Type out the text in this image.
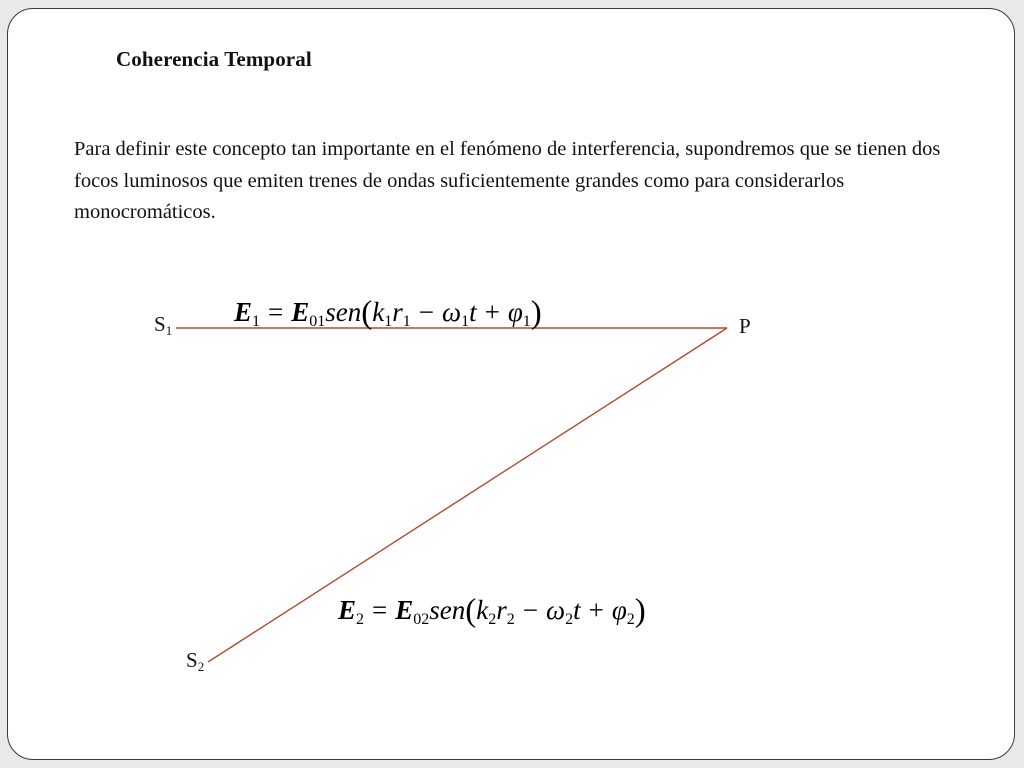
Coherencia Temporal
Para definir este concepto tan importante en el fenómeno de interferencia, supondremos que se tienen dos focos luminosos que emiten trenes de ondas suficientemente grandes como para considerarlos monocromáticos.
$S_1$	P
$S_2$
$E_1 = E_{01}sen(k_1r_1 - \omega_1t + \varphi_1)$
$E_2 = E_{02}sen(k_2r_2 - \omega_2t + \varphi_2)$
